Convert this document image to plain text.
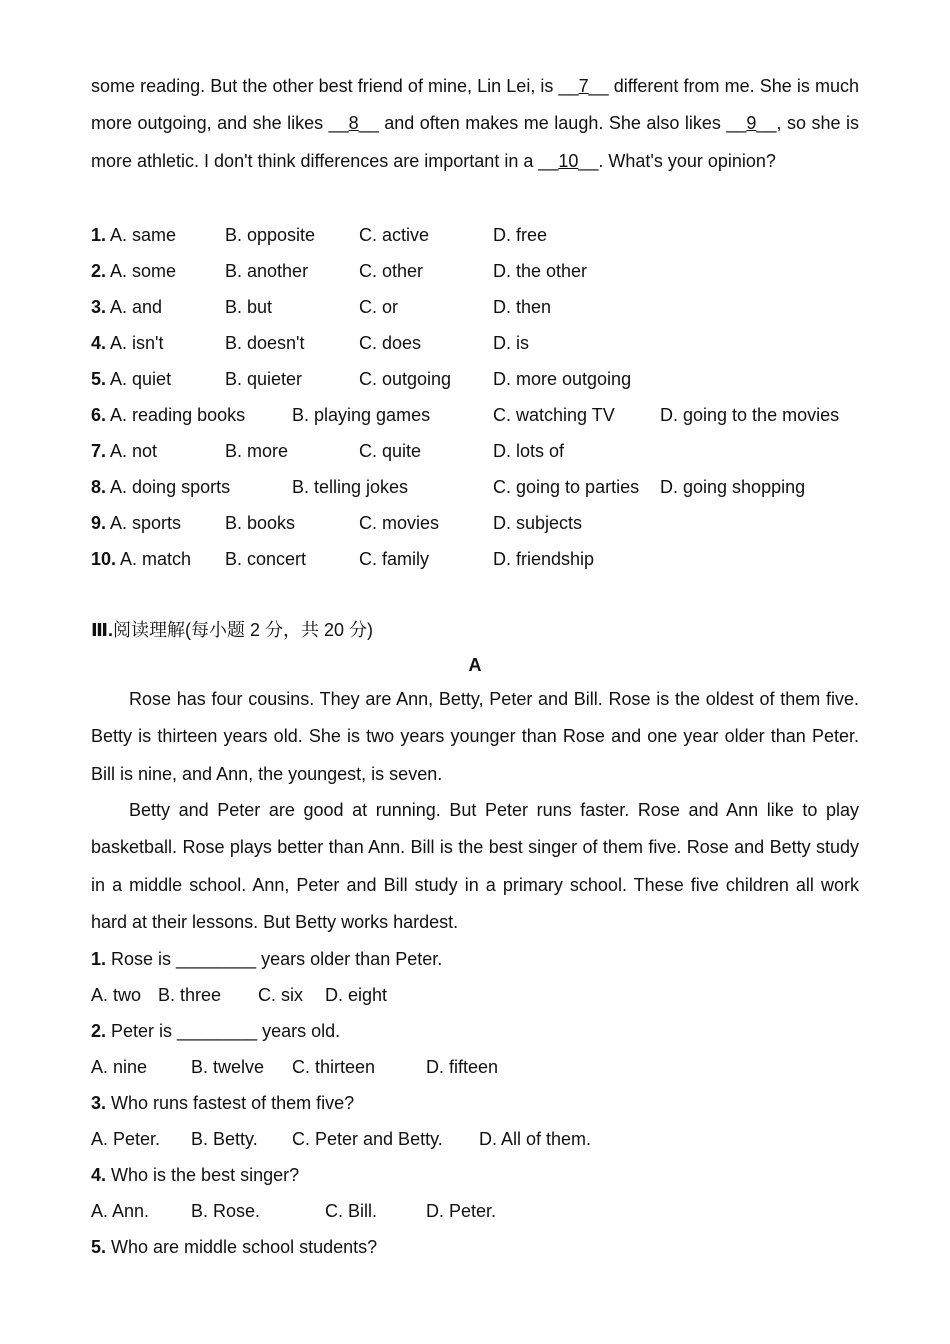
some reading. But the other best friend of mine, Lin Lei, is __7__ different from me. She is much more outgoing, and she likes __8__ and often makes me laugh. She also likes __9__, so she is more athletic. I don't think differences are important in a __10__. What's your opinion?

1. A. same	B. opposite C. active	D. free
2. A. some	B. another	C. other	D. the other
3. A. and	B. but	C. or	D. then
4. A. isn't	B. doesn't	C. does	D. is
5. A. quiet	B. quieter	C. outgoing D. more outgoing
6. A. reading books	B. playing games	C. watching TV	D. going to the movies
7. A. not	B. more	C. quite	D. lots of
8. A. doing sports	B. telling jokes	C. going to parties D. going shopping
9. A. sports B. books	C. movies	D. subjects
10. A. match B. concert	C. family	D. friendship
Ⅲ.阅读理解(每小题 2 分，共 20 分)
A

Rose has four cousins. They are Ann, Betty, Peter and Bill. Rose is the oldest of them five. Betty is thirteen years old. She is two years younger than Rose and one year older than Peter. Bill is nine, and Ann, the youngest, is seven.

Betty and Peter are good at running. But Peter runs faster. Rose and Ann like to play basketball. Rose plays better than Ann. Bill is the best singer of them five. Rose and Betty study in a middle school. Ann, Peter and Bill study in a primary school. These five children all work hard at their lessons. But Betty works hardest.

1. Rose is ________ years older than Peter.
A. two B. three C. six D. eight
2. Peter is ________ years old.
A. nine B. twelve C. thirteen	D. fifteen
3. Who runs fastest of them five?
A. Peter. B. Betty. C. Peter and Betty. D. All of them.
4. Who is the best singer?
A. Ann. B. Rose.	C. Bill.	D. Peter.
5. Who are middle school students?
